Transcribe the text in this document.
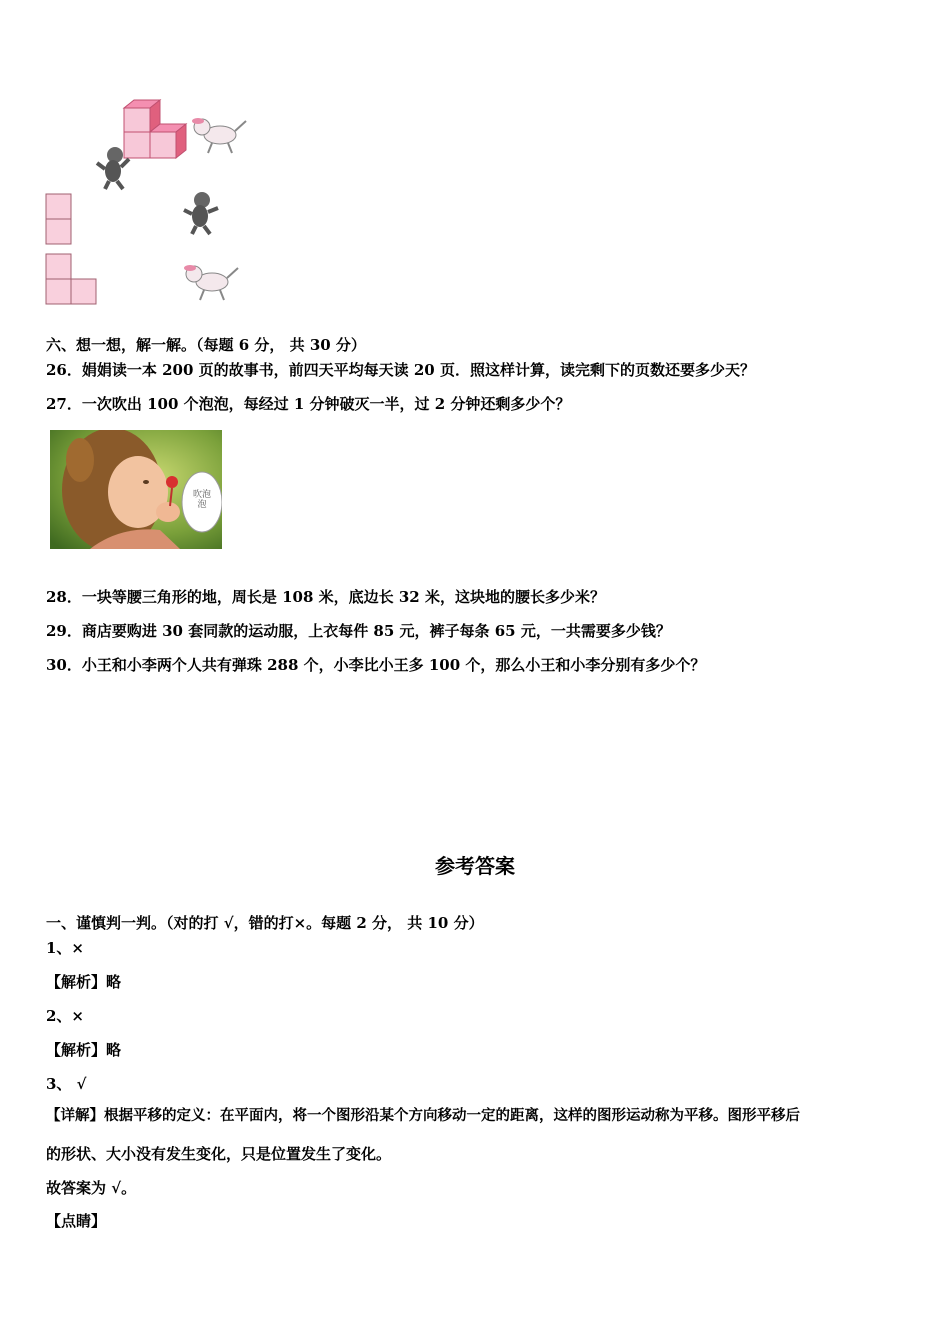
六、想一想，解一解。（每题 6 分， 共 30 分）
26．娟娟读一本 200 页的故事书，前四天平均每天读 20 页．照这样计算，读完剩下的页数还要多少天？
27．一次吹出 100 个泡泡，每经过 1 分钟破灭一半，过 2 分钟还剩多少个？
吹泡泡
28．一块等腰三角形的地，周长是 108 米，底边长 32 米，这块地的腰长多少米？
29．商店要购进 30 套同款的运动服，上衣每件 85 元，裤子每条 65 元，一共需要多少钱？
30．小王和小李两个人共有弹珠 288 个，小李比小王多 100 个，那么小王和小李分别有多少个？
参考答案
一、谨慎判一判。（对的打 √，错的打×。每题 2 分， 共 10 分）
1、×
【解析】略
2、×
【解析】略
3、 √
【详解】根据平移的定义：在平面内，将一个图形沿某个方向移动一定的距离，这样的图形运动称为平移。图形平移后
的形状、大小没有发生变化，只是位置发生了变化。
故答案为 √。
【点睛】
